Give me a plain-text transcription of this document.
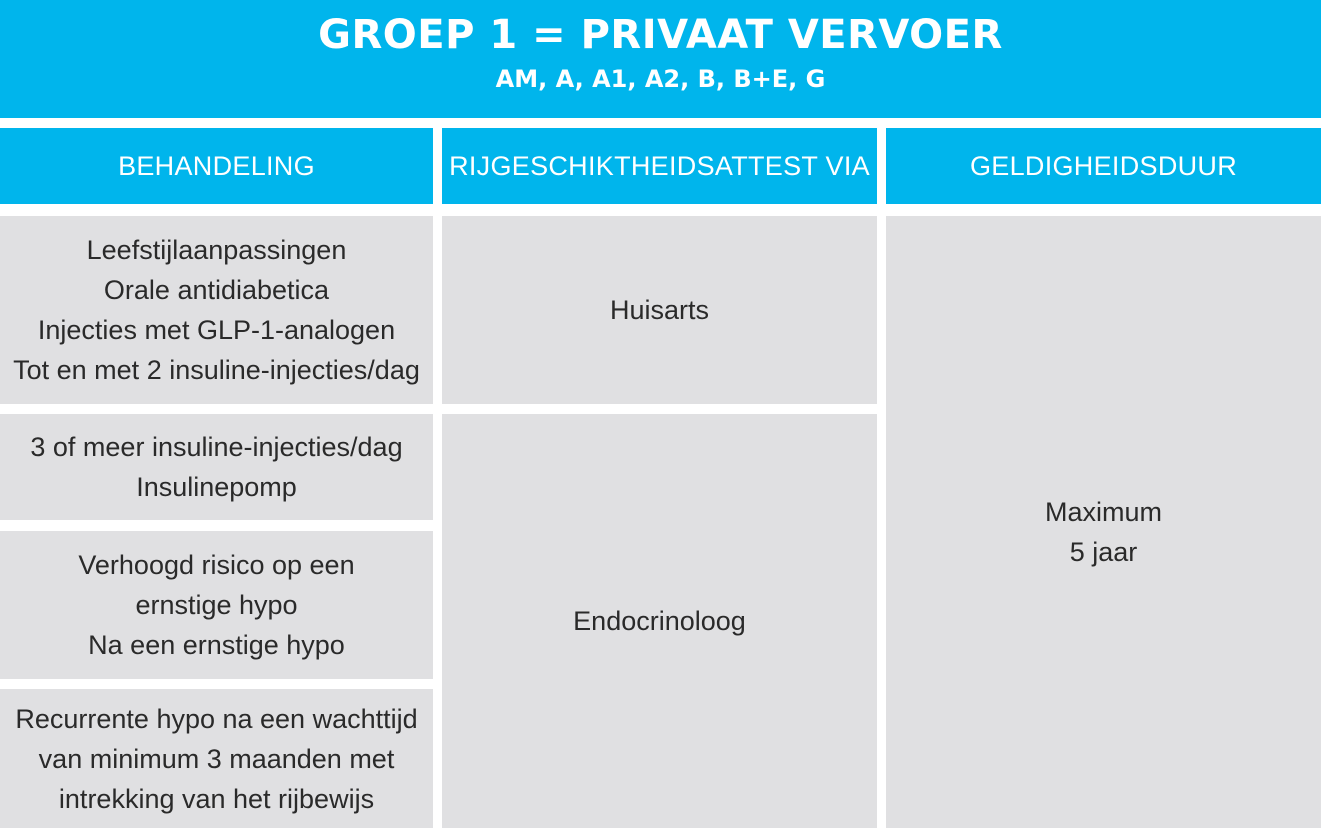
GROEP 1 = PRIVAAT VERVOER
AM, A, A1, A2, B, B+E, G
BEHANDELING	RIJGESCHIKTHEIDSATTEST VIA	GELDIGHEIDSDUUR
Leefstijlaanpassingen
Orale antidiabetica
Injecties met GLP-1-analogen
Tot en met 2 insuline-injecties/dag
3 of meer insuline-injecties/dag
Insulinepomp
Verhoogd risico op een
ernstige hypo
Na een ernstige hypo
Recurrente hypo na een wachttijd
van minimum 3 maanden met
intrekking van het rijbewijs
Huisarts
Endocrinoloog
Maximum
5 jaar
